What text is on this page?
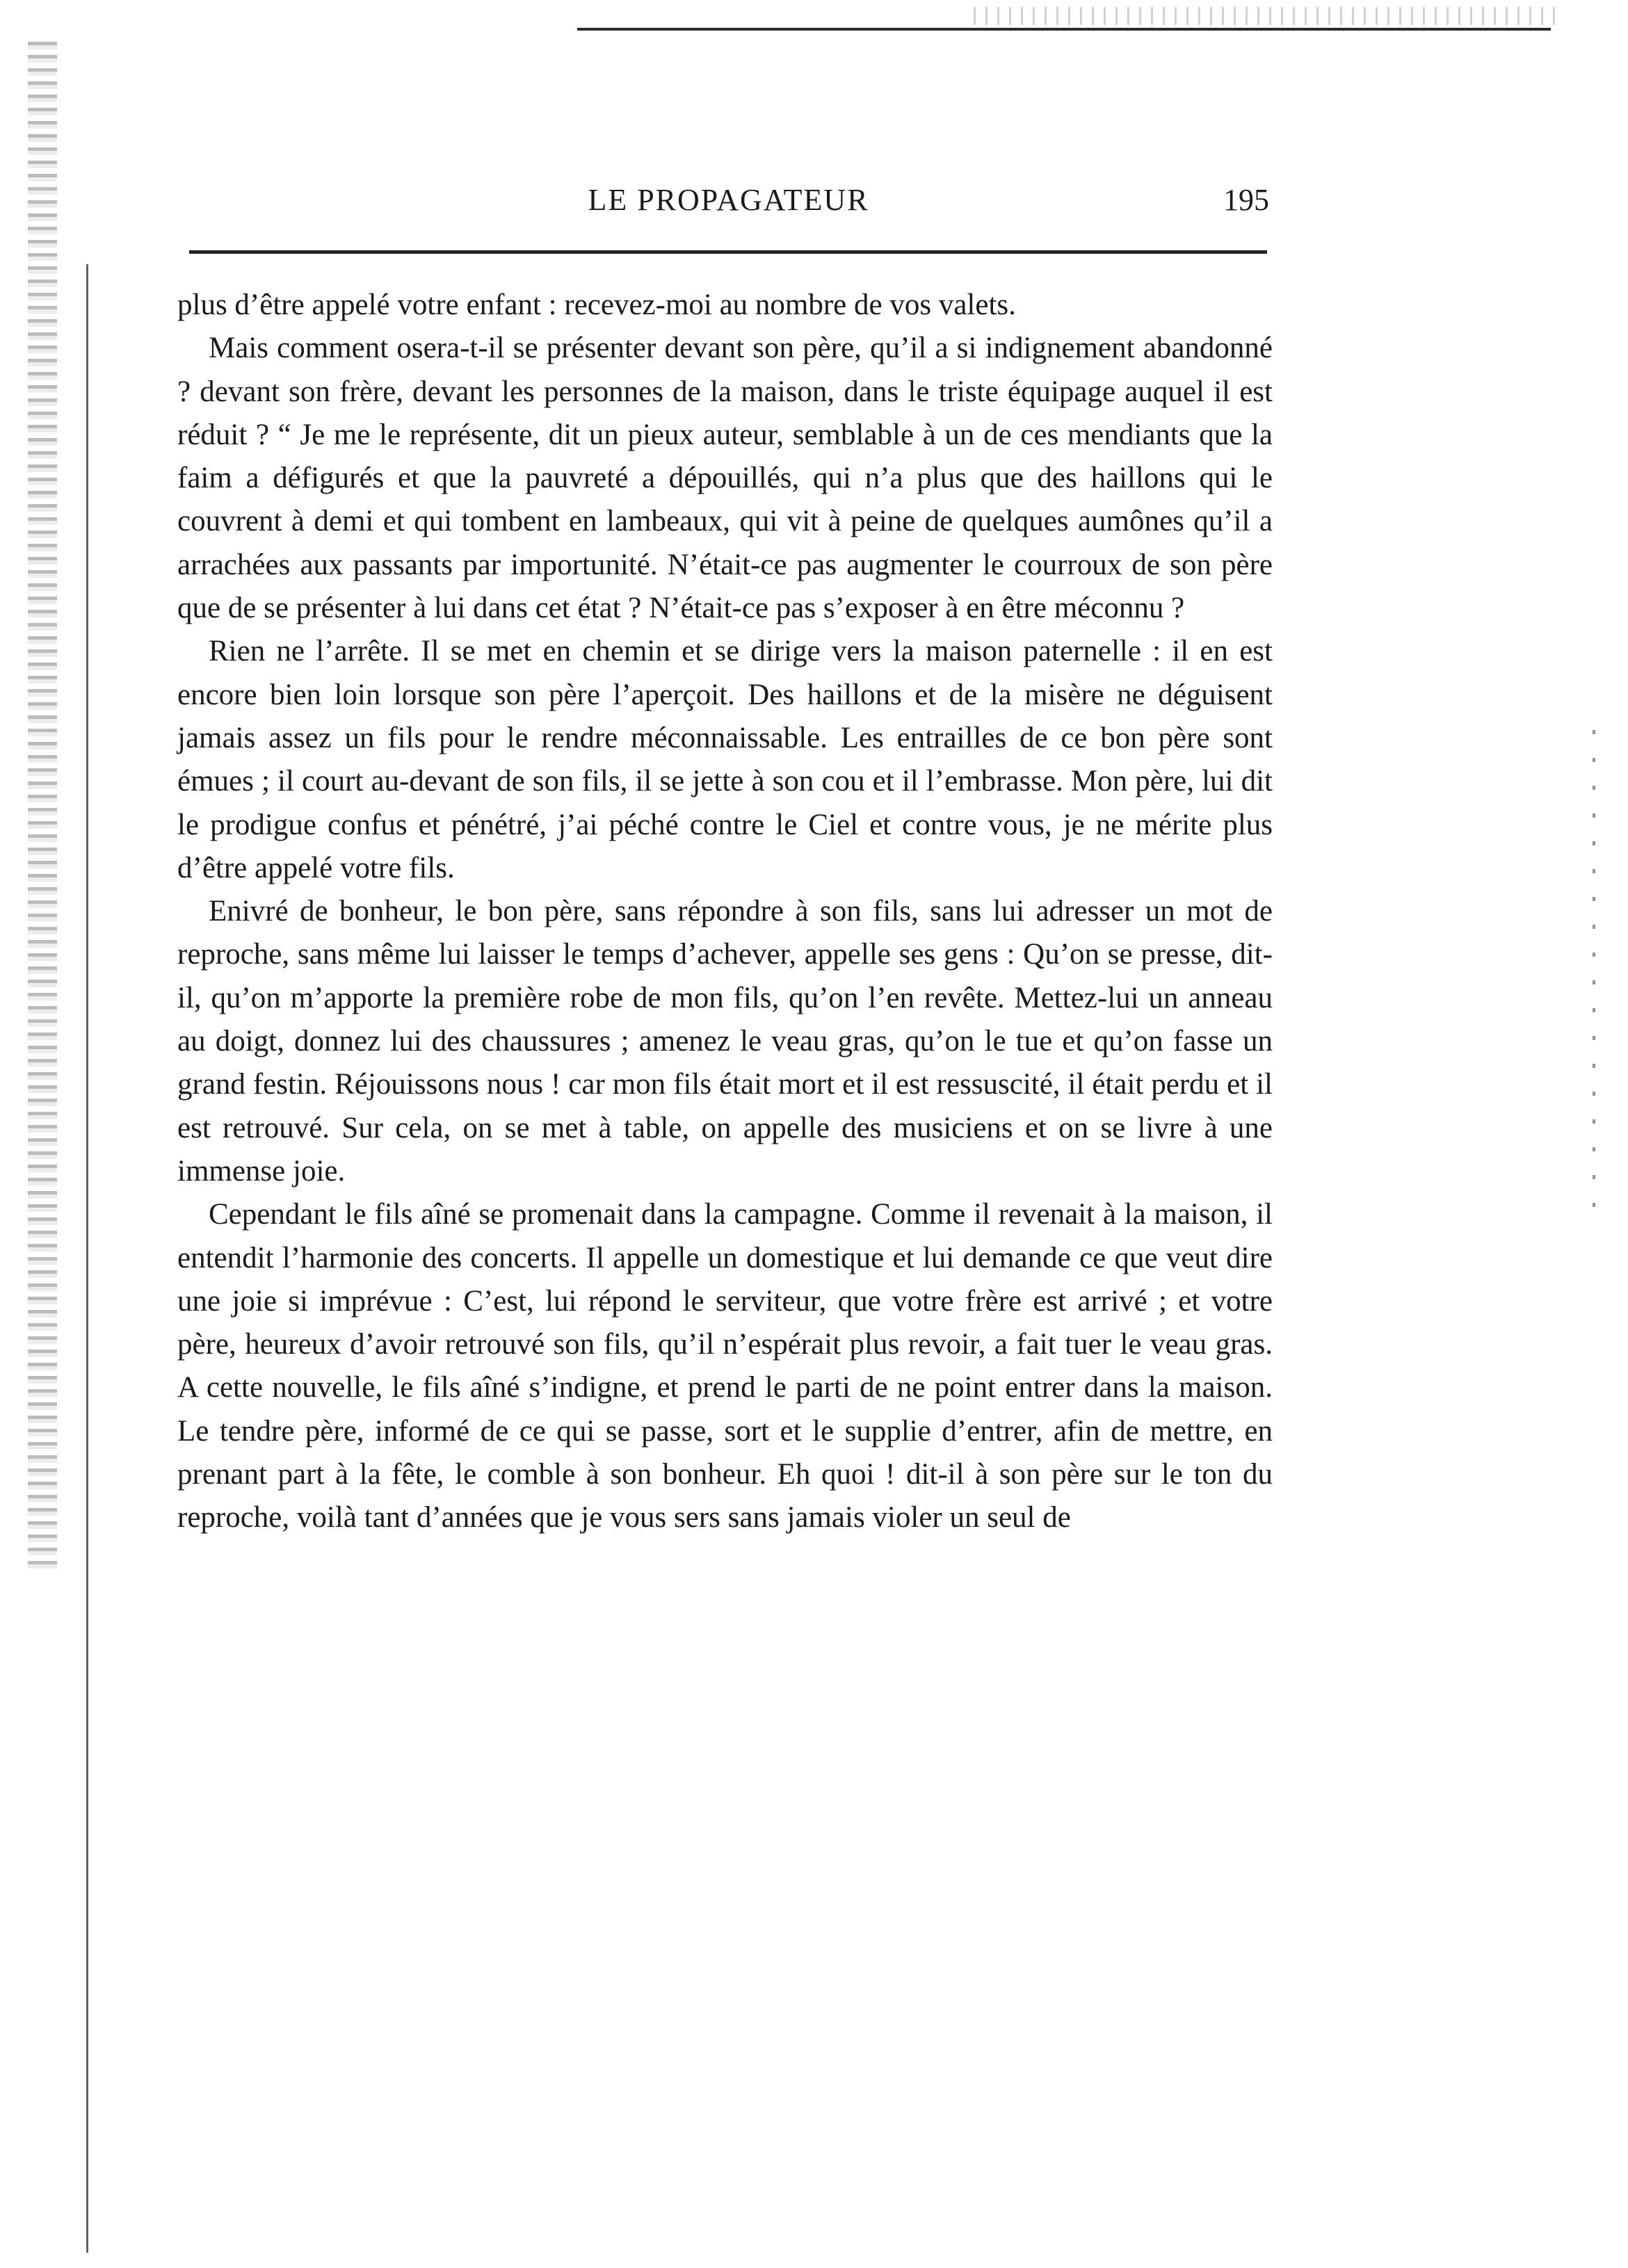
LE PROPAGATEUR	195

plus d’être appelé votre enfant : recevez-moi au nombre de vos valets.

Mais comment osera-t-il se présenter devant son père, qu’il a si indignement abandonné ? devant son frère, devant les personnes de la maison, dans le triste équipage auquel il est réduit ? “ Je me le représente, dit un pieux auteur, semblable à un de ces mendiants que la faim a défigurés et que la pauvreté a dépouillés, qui n’a plus que des haillons qui le couvrent à demi et qui tombent en lambeaux, qui vit à peine de quelques aumônes qu’il a arrachées aux passants par importunité. N’était-ce pas augmenter le courroux de son père que de se présenter à lui dans cet état ? N’était-ce pas s’exposer à en être méconnu ?

Rien ne l’arrête. Il se met en chemin et se dirige vers la maison paternelle : il en est encore bien loin lorsque son père l’aperçoit. Des haillons et de la misère ne déguisent jamais assez un fils pour le rendre méconnaissable. Les entrailles de ce bon père sont émues ; il court au-devant de son fils, il se jette à son cou et il l’embrasse. Mon père, lui dit le prodigue confus et pénétré, j’ai péché contre le Ciel et contre vous, je ne mérite plus d’être appelé votre fils.

Enivré de bonheur, le bon père, sans répondre à son fils, sans lui adresser un mot de reproche, sans même lui laisser le temps d’achever, appelle ses gens : Qu’on se presse, dit-il, qu’on m’apporte la première robe de mon fils, qu’on l’en revête. Mettez-lui un anneau au doigt, donnez lui des chaussures ; amenez le veau gras, qu’on le tue et qu’on fasse un grand festin. Réjouissons nous ! car mon fils était mort et il est ressuscité, il était perdu et il est retrouvé. Sur cela, on se met à table, on appelle des musiciens et on se livre à une immense joie.

Cependant le fils aîné se promenait dans la campagne. Comme il revenait à la maison, il entendit l’harmonie des concerts. Il appelle un domestique et lui demande ce que veut dire une joie si imprévue : C’est, lui répond le serviteur, que votre frère est arrivé ; et votre père, heureux d’avoir retrouvé son fils, qu’il n’espérait plus revoir, a fait tuer le veau gras. A cette nouvelle, le fils aîné s’indigne, et prend le parti de ne point entrer dans la maison. Le tendre père, informé de ce qui se passe, sort et le supplie d’entrer, afin de mettre, en prenant part à la fête, le comble à son bonheur. Eh quoi ! dit-il à son père sur le ton du reproche, voilà tant d’années que je vous sers sans jamais violer un seul de
